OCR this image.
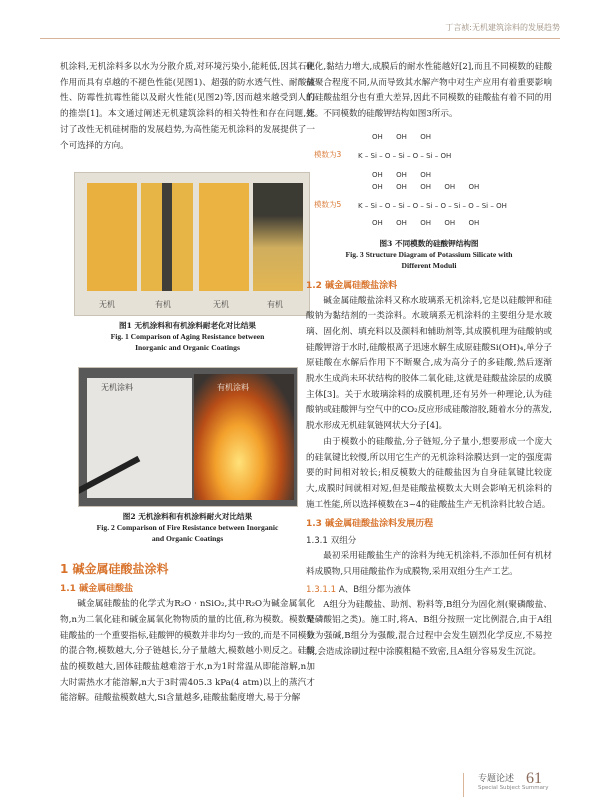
丁言祯:无机建筑涂料的发展趋势

机涂料,无机涂料多以水为分散介质,对环境污染小,能耗低,因其石化作用而具有卓越的不褪色性能(见图1)、超强的防水透气性、耐酸碱性、防霉性抗霉性能以及耐火性能(见图2)等,因而越来越受到人们的推崇[1]。本文通过阐述无机建筑涂料的相关特性和存在问题,探讨了改性无机硅树脂的发展趋势,为高性能无机涂料的发展提供了一个可选择的方向。

无机	有机	无机	有机
图1 无机涂料和有机涂料耐老化对比结果
Fig. 1 Comparison of Aging Resistance between
Inorganic and Organic Coatings
无机涂料	有机涂料
图2 无机涂料和有机涂料耐火对比结果
Fig. 2 Comparison of Fire Resistance between Inorganic
and Organic Coatings
1 碱金属硅酸盐涂料
1.1 碱金属硅酸盐

碱金属硅酸盐的化学式为R₂O · nSiO₂,其中R₂O为碱金属氧化物,n为二氧化硅和碱金属氧化物物质的量的比值,称为模数。模数是硅酸盐的一个重要指标,硅酸钾的模数并非均匀一致的,而是不同模数的混合物,模数越大,分子链越长,分子量越大,模数越小则反之。硅酸盐的模数越大,固体硅酸盐越难溶于水,n为1时常温从即能溶解,n加大时需热水才能溶解,n大于3时需405.3 kPa(4 atm)以上的蒸汽才能溶解。硅酸盐模数越大,Si含量越多,硅酸盐黏度增大,易于分解

硬化,黏结力增大,成膜后的耐水性能越好[2],而且不同模数的硅酸盐聚合程度不同,从而导致其水解产物中对生产应用有着重要影响的硅酸盐组分也有重大差异,因此不同模数的硅酸盐有着不同的用处。不同模数的硅酸钾结构如图3所示。

模数为3
OH      OH      OH
K – Si – O – Si – O – Si – OH
OH      OH      OH
模数为5
OH      OH      OH      OH      OH
K – Si – O – Si – O – Si – O – Si – O – Si – OH
OH      OH      OH      OH      OH
图3 不同模数的硅酸钾结构图
Fig. 3 Structure Diagram of Potassium Silicate with
Different Moduli
1.2 碱金属硅酸盐涂料

碱金属硅酸盐涂料又称水玻璃系无机涂料,它是以硅酸钾和硅酸钠为黏结剂的一类涂料。水玻璃系无机涂料的主要组分是水玻璃、固化剂、填充料以及颜料和辅助剂等,其成膜机理为硅酸钠或硅酸钾溶于水时,硅酸根离子迅速水解生成原硅酸Si(OH)₄,单分子原硅酸在水解后作用下不断聚合,成为高分子的多硅酸,然后逐渐脱水生成尚未环状结构的胶体二氧化硅,这就是硅酸盐涂层的成膜主体[3]。关于水玻璃涂料的成膜机理,还有另外一种理论,认为硅酸钠或硅酸钾与空气中的CO₂反应形成硅酸溶胶,随着水分的蒸发,脱水形成无机硅氧链网状大分子[4]。

由于模数小的硅酸盐,分子链短,分子量小,想要形成一个庞大的硅氧键比较慢,所以用它生产的无机涂料涂膜达到一定的强度需要的时间相对较长;相反模数大的硅酸盐因为自身硅氧键比较庞大,成膜时间就相对短,但是硅酸盐模数太大则会影响无机涂料的施工性能,所以选择模数在3~4的硅酸盐生产无机涂料比较合适。

1.3 碱金属硅酸盐涂料发展历程
1.3.1 双组分

最初采用硅酸盐生产的涂料为纯无机涂料,不添加任何有机材料成膜物,只用硅酸盐作为成膜物,采用双组分生产工艺。

1.3.1.1 A、B组分都为液体

A组分为硅酸盐、助剂、粉料等,B组分为固化剂(聚磷酸盐、聚磷酸铝之类)。施工时,将A、B组分按照一定比例混合,由于A组分为强碱,B组分为强酸,混合过程中会发生剧烈化学反应,不易控制,会造成涂刷过程中涂膜粗糙不致密,且A组分容易发生沉淀。

专题论述
Special Subject Summary
61
